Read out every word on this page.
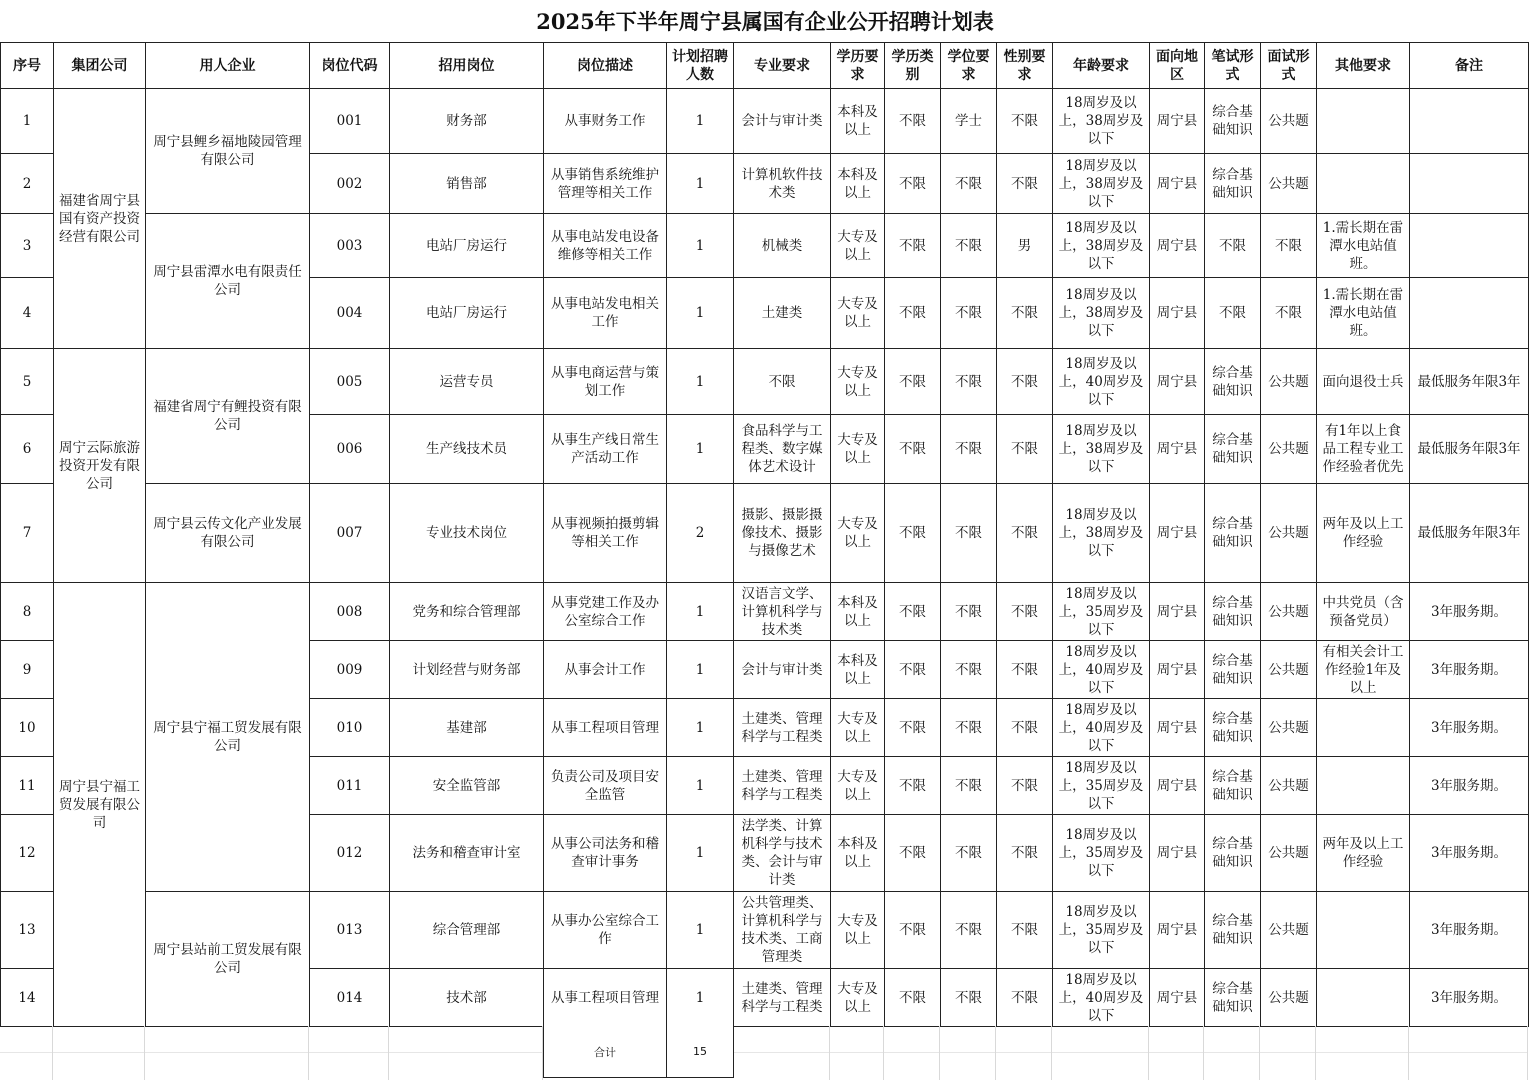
2025年下半年周宁县属国有企业公开招聘计划表
序号	集团公司	用人企业	岗位代码	招用岗位	岗位描述	计划招聘人数	专业要求	学历要求	学历类别	学位要求	性别要求	年龄要求	面向地区	笔试形式	面试形式	其他要求	备注
1	福建省周宁县国有资产投资经营有限公司	周宁县鲤乡福地陵园管理有限公司	001	财务部	从事财务工作	1	会计与审计类	本科及以上	不限	学士	不限	18周岁及以上，38周岁及以下	周宁县	综合基础知识	公共题		
2			002	销售部	从事销售系统维护管理等相关工作	1	计算机软件技术类	本科及以上	不限	不限	不限	18周岁及以上，38周岁及以下	周宁县	综合基础知识	公共题		
3		周宁县雷潭水电有限责任公司	003	电站厂房运行	从事电站发电设备维修等相关工作	1	机械类	大专及以上	不限	不限	男	18周岁及以上，38周岁及以下	周宁县	不限	不限	1.需长期在雷潭水电站值班。	
4			004	电站厂房运行	从事电站发电相关工作	1	土建类	大专及以上	不限	不限	不限	18周岁及以上，38周岁及以下	周宁县	不限	不限	1.需长期在雷潭水电站值班。	
5	周宁云际旅游投资开发有限公司	福建省周宁有鲤投资有限公司	005	运营专员	从事电商运营与策划工作	1	不限	大专及以上	不限	不限	不限	18周岁及以上，40周岁及以下	周宁县	综合基础知识	公共题	面向退役士兵	最低服务年限3年
6			006	生产线技术员	从事生产线日常生产活动工作	1	食品科学与工程类、数字媒体艺术设计	大专及以上	不限	不限	不限	18周岁及以上，38周岁及以下	周宁县	综合基础知识	公共题	有1年以上食品工程专业工作经验者优先	最低服务年限3年
7		周宁县云传文化产业发展有限公司	007	专业技术岗位	从事视频拍摄剪辑等相关工作	2	摄影、摄影摄像技术、摄影与摄像艺术	大专及以上	不限	不限	不限	18周岁及以上，38周岁及以下	周宁县	综合基础知识	公共题	两年及以上工作经验	最低服务年限3年
8	周宁县宁福工贸发展有限公司	周宁县宁福工贸发展有限公司	008	党务和综合管理部	从事党建工作及办公室综合工作	1	汉语言文学、计算机科学与技术类	本科及以上	不限	不限	不限	18周岁及以上，35周岁及以下	周宁县	综合基础知识	公共题	中共党员（含预备党员）	3年服务期。
9			009	计划经营与财务部	从事会计工作	1	会计与审计类	本科及以上	不限	不限	不限	18周岁及以上，40周岁及以下	周宁县	综合基础知识	公共题	有相关会计工作经验1年及以上	3年服务期。
10			010	基建部	从事工程项目管理	1	土建类、管理科学与工程类	大专及以上	不限	不限	不限	18周岁及以上，40周岁及以下	周宁县	综合基础知识	公共题		3年服务期。
11			011	安全监管部	负责公司及项目安全监管	1	土建类、管理科学与工程类	大专及以上	不限	不限	不限	18周岁及以上，35周岁及以下	周宁县	综合基础知识	公共题		3年服务期。
12			012	法务和稽查审计室	从事公司法务和稽查审计事务	1	法学类、计算机科学与技术类、会计与审计类	本科及以上	不限	不限	不限	18周岁及以上，35周岁及以下	周宁县	综合基础知识	公共题	两年及以上工作经验	3年服务期。
13		周宁县站前工贸发展有限公司	013	综合管理部	从事办公室综合工作	1	公共管理类、计算机科学与技术类、工商管理类	大专及以上	不限	不限	不限	18周岁及以上，35周岁及以下	周宁县	综合基础知识	公共题		3年服务期。
14			014	技术部	从事工程项目管理	1	土建类、管理科学与工程类	大专及以上	不限	不限	不限	18周岁及以上，40周岁及以下	周宁县	综合基础知识	公共题		3年服务期。
合计	15
